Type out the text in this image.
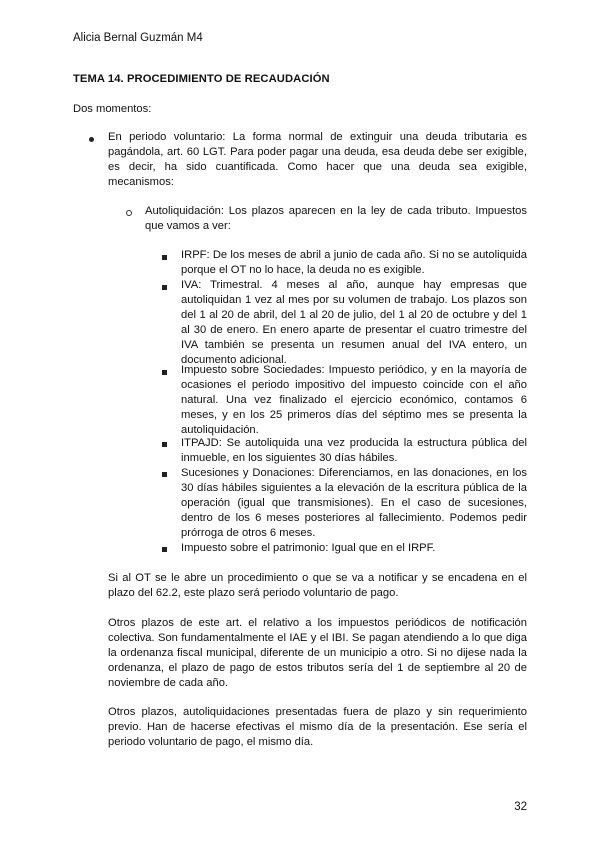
Alicia Bernal Guzmán M4
TEMA 14. PROCEDIMIENTO DE RECAUDACIÓN
Dos momentos:
En periodo voluntario: La forma normal de extinguir una deuda tributaria es pagándola, art. 60 LGT. Para poder pagar una deuda, esa deuda debe ser exigible, es decir, ha sido cuantificada. Como hacer que una deuda sea exigible, mecanismos:
Autoliquidación: Los plazos aparecen en la ley de cada tributo. Impuestos que vamos a ver:
IRPF: De los meses de abril a junio de cada año. Si no se autoliquida porque el OT no lo hace, la deuda no es exigible.
IVA: Trimestral. 4 meses al año, aunque hay empresas que autoliquidan 1 vez al mes por su volumen de trabajo. Los plazos son del 1 al 20 de abril, del 1 al 20 de julio, del 1 al 20 de octubre y del 1 al 30 de enero. En enero aparte de presentar el cuatro trimestre del IVA también se presenta un resumen anual del IVA entero, un documento adicional.
Impuesto sobre Sociedades: Impuesto periódico, y en la mayoría de ocasiones el periodo impositivo del impuesto coincide con el año natural. Una vez finalizado el ejercicio económico, contamos 6 meses, y en los 25 primeros días del séptimo mes se presenta la autoliquidación.
ITPAJD: Se autoliquida una vez producida la estructura pública del inmueble, en los siguientes 30 días hábiles.
Sucesiones y Donaciones: Diferenciamos, en las donaciones, en los 30 días hábiles siguientes a la elevación de la escritura pública de la operación (igual que transmisiones). En el caso de sucesiones, dentro de los 6 meses posteriores al fallecimiento. Podemos pedir prórroga de otros 6 meses.
Impuesto sobre el patrimonio: Igual que en el IRPF.
Si al OT se le abre un procedimiento o que se va a notificar y se encadena en el plazo del 62.2, este plazo será periodo voluntario de pago.
Otros plazos de este art. el relativo a los impuestos periódicos de notificación colectiva. Son fundamentalmente el IAE y el IBI. Se pagan atendiendo a lo que diga la ordenanza fiscal municipal, diferente de un municipio a otro. Si no dijese nada la ordenanza, el plazo de pago de estos tributos sería del 1 de septiembre al 20 de noviembre de cada año.
Otros plazos, autoliquidaciones presentadas fuera de plazo y sin requerimiento previo. Han de hacerse efectivas el mismo día de la presentación. Ese sería el periodo voluntario de pago, el mismo día.
32
